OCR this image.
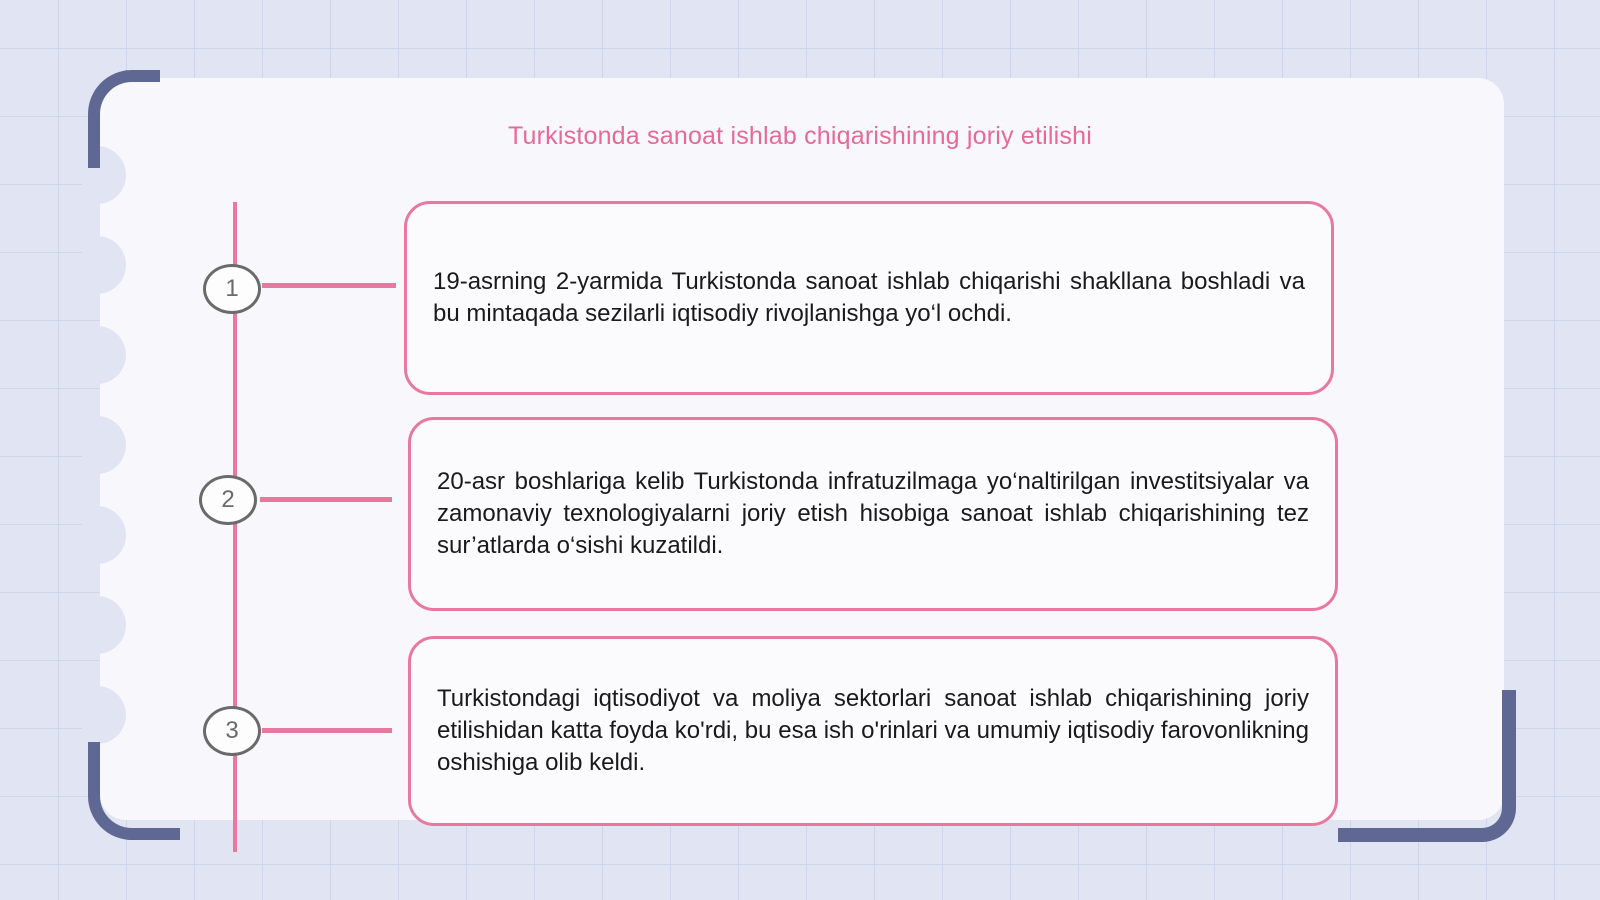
Turkistonda sanoat ishlab chiqarishining joriy etilishi
1	19-asrning 2-yarmida Turkistonda sanoat ishlab chiqarishi shakllana boshladi va bu mintaqada sezilarli iqtisodiy rivojlanishga yo‘l ochdi.

2

20-asr boshlariga kelib Turkistonda infratuzilmaga yo‘naltirilgan investitsiyalar va zamonaviy texnologiyalarni joriy etish hisobiga sanoat ishlab chiqarishining tez sur’atlarda o‘sishi kuzatildi.

3

Turkistondagi iqtisodiyot va moliya sektorlari sanoat ishlab chiqarishining joriy etilishidan katta foyda ko'rdi, bu esa ish o'rinlari va umumiy iqtisodiy farovonlikning oshishiga olib keldi.
